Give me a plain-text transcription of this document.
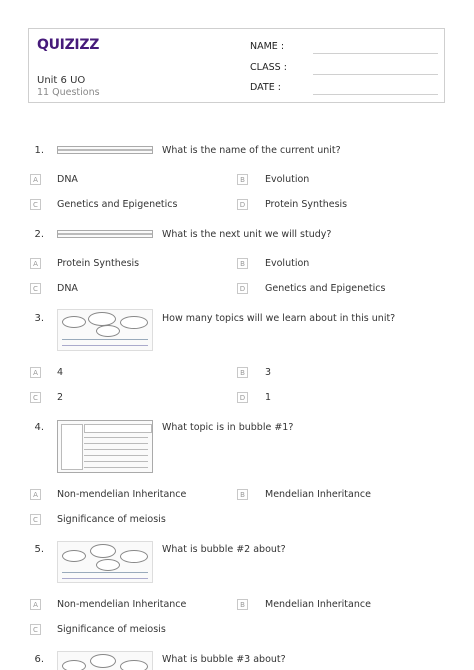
QUIZIZZ
Unit 6 UO
11 Questions
NAME :
CLASS :
DATE :
1.	What is the name of the current unit?
A	DNA	B	Evolution
C	Genetics and Epigenetics	D Protein Synthesis
2.	What is the next unit we will study?
A	Protein Synthesis	B	Evolution
C	DNA	D Genetics and Epigenetics
3.	How many topics will we learn about in this unit?
A	4	B	3
C	2	D 1
4.	What topic is in bubble #1?
A	Non-mendelian Inheritance	B	Mendelian Inheritance
C	Significance of meiosis
5.	What is bubble #2 about?
A	Non-mendelian Inheritance	B	Mendelian Inheritance
C	Significance of meiosis
6.	What is bubble #3 about?
